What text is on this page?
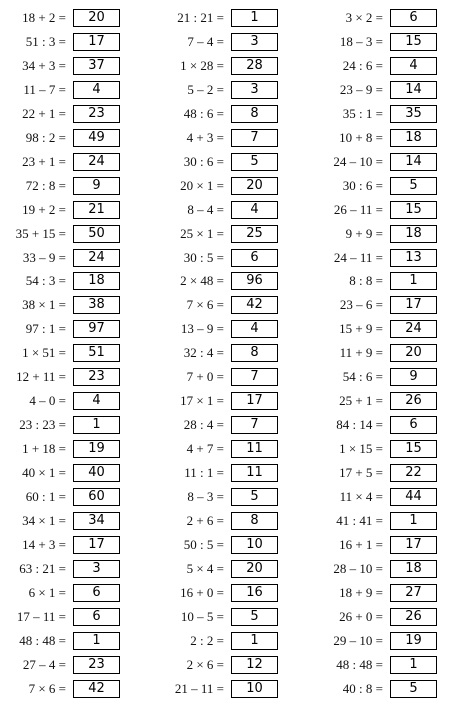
18 + 2 =	20
51 : 3 =	17
34 + 3 =	37
11 – 7 =	4
22 + 1 =	23
98 : 2 =	49
23 + 1 =	24
72 : 8 =	9
19 + 2 =	21
35 + 15 =	50
33 – 9 =	24
54 : 3 =	18
38 × 1 =	38
97 : 1 =	97
1 × 51 =	51
12 + 11 =	23
4 – 0 =	4
23 : 23 =	1
1 + 18 =	19
40 × 1 =	40
60 : 1 =	60
34 × 1 =	34
14 + 3 =	17
63 : 21 =	3
6 × 1 =	6
17 – 11 =	6
48 : 48 =	1
27 – 4 =	23
7 × 6 =	42
21 : 21 =	1
7 – 4 =	3
1 × 28 =	28
5 – 2 =	3
48 : 6 =	8
4 + 3 =	7
30 : 6 =	5
20 × 1 =	20
8 – 4 =	4
25 × 1 =	25
30 : 5 =	6
2 × 48 =	96
7 × 6 =	42
13 – 9 =	4
32 : 4 =	8
7 + 0 =	7
17 × 1 =	17
28 : 4 =	7
4 + 7 =	11
11 : 1 =	11
8 – 3 =	5
2 + 6 =	8
50 : 5 =	10
5 × 4 =	20
16 + 0 =	16
10 – 5 =	5
2 : 2 =	1
2 × 6 =	12
21 – 11 =	10
3 × 2 =	6
18 – 3 =	15
24 : 6 =	4
23 – 9 =	14
35 : 1 =	35
10 + 8 =	18
24 – 10 =	14
30 : 6 =	5
26 – 11 =	15
9 + 9 =	18
24 – 11 =	13
8 : 8 =	1
23 – 6 =	17
15 + 9 =	24
11 + 9 =	20
54 : 6 =	9
25 + 1 =	26
84 : 14 =	6
1 × 15 =	15
17 + 5 =	22
11 × 4 =	44
41 : 41 =	1
16 + 1 =	17
28 – 10 =	18
18 + 9 =	27
26 + 0 =	26
29 – 10 =	19
48 : 48 =	1
40 : 8 =	5
